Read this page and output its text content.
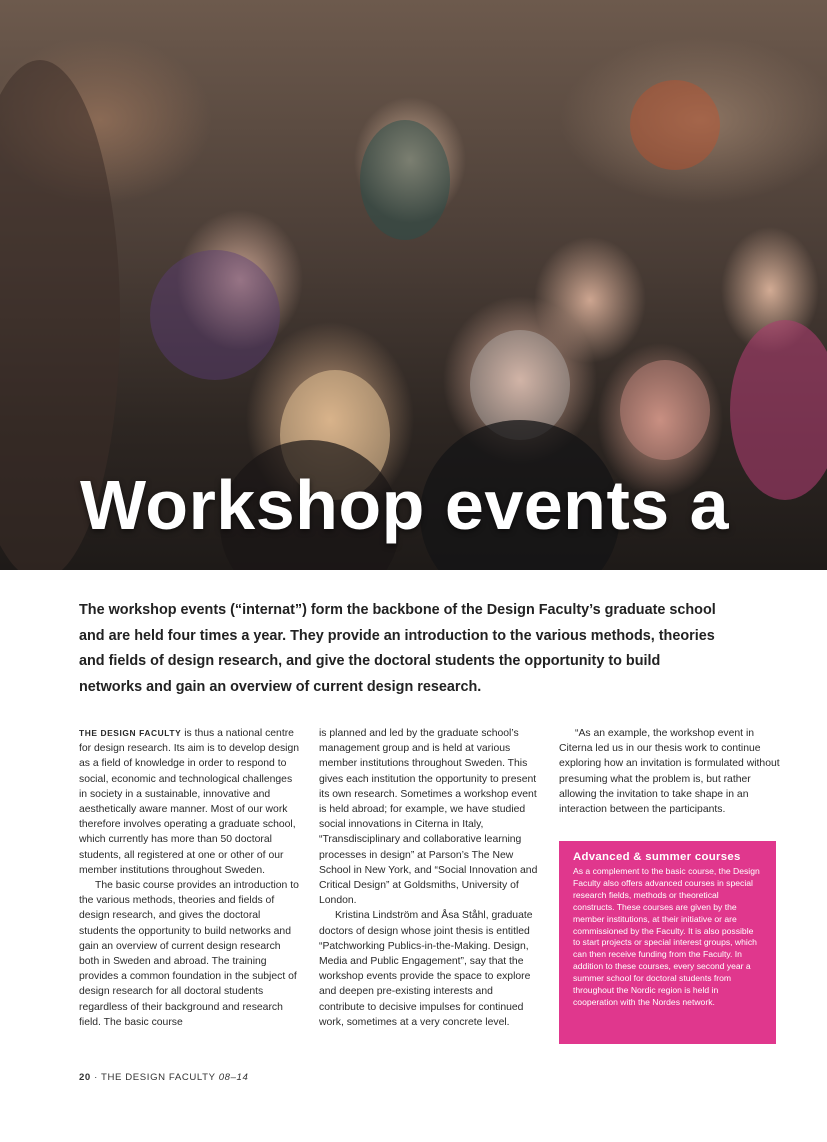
Workshop events a

The workshop events (“internat”) form the backbone of the Design Faculty’s graduate school and are held four times a year. They provide an introduction to the various methods, theories and fields of design research, and give the doctoral students the opportunity to build networks and gain an overview of current design research.

THE DESIGN FACULTY is thus a national centre for design research. Its aim is to develop design as a field of knowledge in order to respond to social, economic and technological challenges in society in a sustainable, innovative and aesthetically aware manner. Most of our work therefore involves operating a graduate school, which currently has more than 50 doctoral students, all registered at one or other of our member institutions throughout Sweden.

The basic course provides an introduction to the various methods, theories and fields of design research, and gives the doctoral students the opportunity to build networks and gain an overview of current design research both in Sweden and abroad. The training provides a common foundation in the subject of design research for all doctoral students regardless of their background and research field. The basic course

is planned and led by the graduate school’s management group and is held at various member institutions throughout Sweden. This gives each institution the opportunity to present its own research. Sometimes a workshop event is held abroad; for example, we have studied social innovations in Citerna in Italy, “Transdisciplinary and collaborative learning processes in design” at Parson’s The New School in New York, and “Social Innovation and Critical Design” at Goldsmiths, University of London.

Kristina Lindström and Åsa Ståhl, graduate doctors of design whose joint thesis is entitled “Patchworking Publics-in-the-Making. Design, Media and Public Engagement”, say that the workshop events provide the space to explore and deepen pre-existing interests and contribute to decisive impulses for continued work, sometimes at a very concrete level.

“As an example, the workshop event in Citerna led us in our thesis work to continue exploring how an invitation is formulated without presuming what the problem is, but rather allowing the invitation to take shape in an interaction between the participants.

Advanced & summer courses

As a complement to the basic course, the Design Faculty also offers advanced courses in special research fields, methods or theoretical constructs. These courses are given by the member institutions, at their initiative or are commissioned by the Faculty. It is also possible to start projects or special interest groups, which can then receive funding from the Faculty. In addition to these courses, every second year a summer school for doctoral students from throughout the Nordic region is held in cooperation with the Nordes network.

20 · THE DESIGN FACULTY 08–14
